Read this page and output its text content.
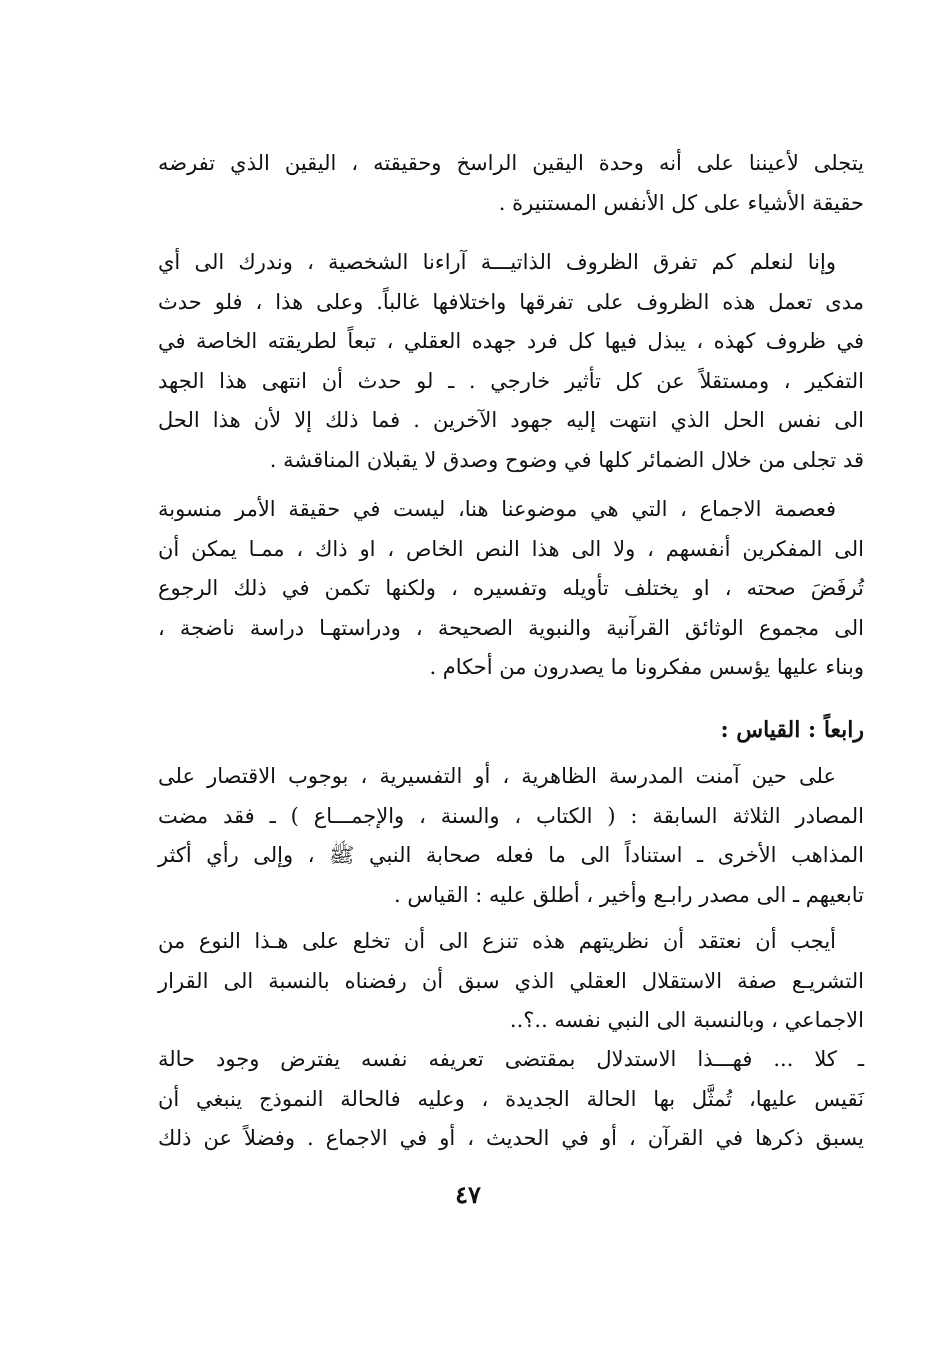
يتجلى لأعيننا على أنه وحدة اليقين الراسخ وحقيقته ، اليقين الذي تفرضه
حقيقة الأشياء على كل الأنفس المستنيرة .
وإنا لنعلم كم تفرق الظروف الذاتيـــة آراءنا الشخصية ، وندرك الى أي
مدى تعمل هذه الظروف على تفرقها واختلافها غالباً. وعلى هذا ، فلو حدث
في ظروف كهذه ، يبذل فيها كل فرد جهده العقلي ، تبعاً لطريقته الخاصة في
التفكير ، ومستقلاً عن كل تأثير خارجي . ـ لو حدث أن انتهى هذا الجهد
الى نفس الحل الذي انتهت إليه جهود الآخرين . فما ذلك إلا لأن هذا الحل
قد تجلى من خلال الضمائر كلها في وضوح وصدق لا يقبلان المناقشة .
فعصمة الاجماع ، التي هي موضوعنا هنا، ليست في حقيقة الأمر منسوبة
الى المفكرين أنفسهم ، ولا الى هذا النص الخاص ، او ذاك ، ممـا يمكن أن
تُرفَضَ صحته ، او يختلف تأويله وتفسيره ، ولكنها تكمن في ذلك الرجوع
الى مجموع الوثائق القرآنية والنبوية الصحيحة ، ودراستهـا دراسة ناضجة ،
وبناء عليها يؤسس مفكرونا ما يصدرون من أحكام .
رابعاً : القياس :
على حين آمنت المدرسة الظاهرية ، أو التفسيرية ، بوجوب الاقتصار على
المصادر الثلاثة السابقة : ( الكتاب ، والسنة ، والإجمـــاع ) ـ فقد مضت
المذاهب الأخرى ـ استناداً الى ما فعله صحابة النبي ﷺ ، وإلى رأي أكثر
تابعيهم ـ الى مصدر رابـع وأخير ، أطلق عليه : القياس .
أيجب أن نعتقد أن نظريتهم هذه تنزع الى أن تخلع على هـذا النوع من
التشريـع صفة الاستقلال العقلي الذي سبق أن رفضناه بالنسبة الى القرار
الاجماعي ، وبالنسبة الى النبي نفسه ..؟..
ـ كلا ... فهـــذا الاستدلال بمقتضى تعريفه نفسه يفترض وجود حالة
نَقيس عليها، تُمثَّل بها الحالة الجديدة ، وعليه فالحالة النموذج ينبغي أن
يسبق ذكرها في القرآن ، أو في الحديث ، أو في الاجماع . وفضلاً عن ذلك
٤٧
